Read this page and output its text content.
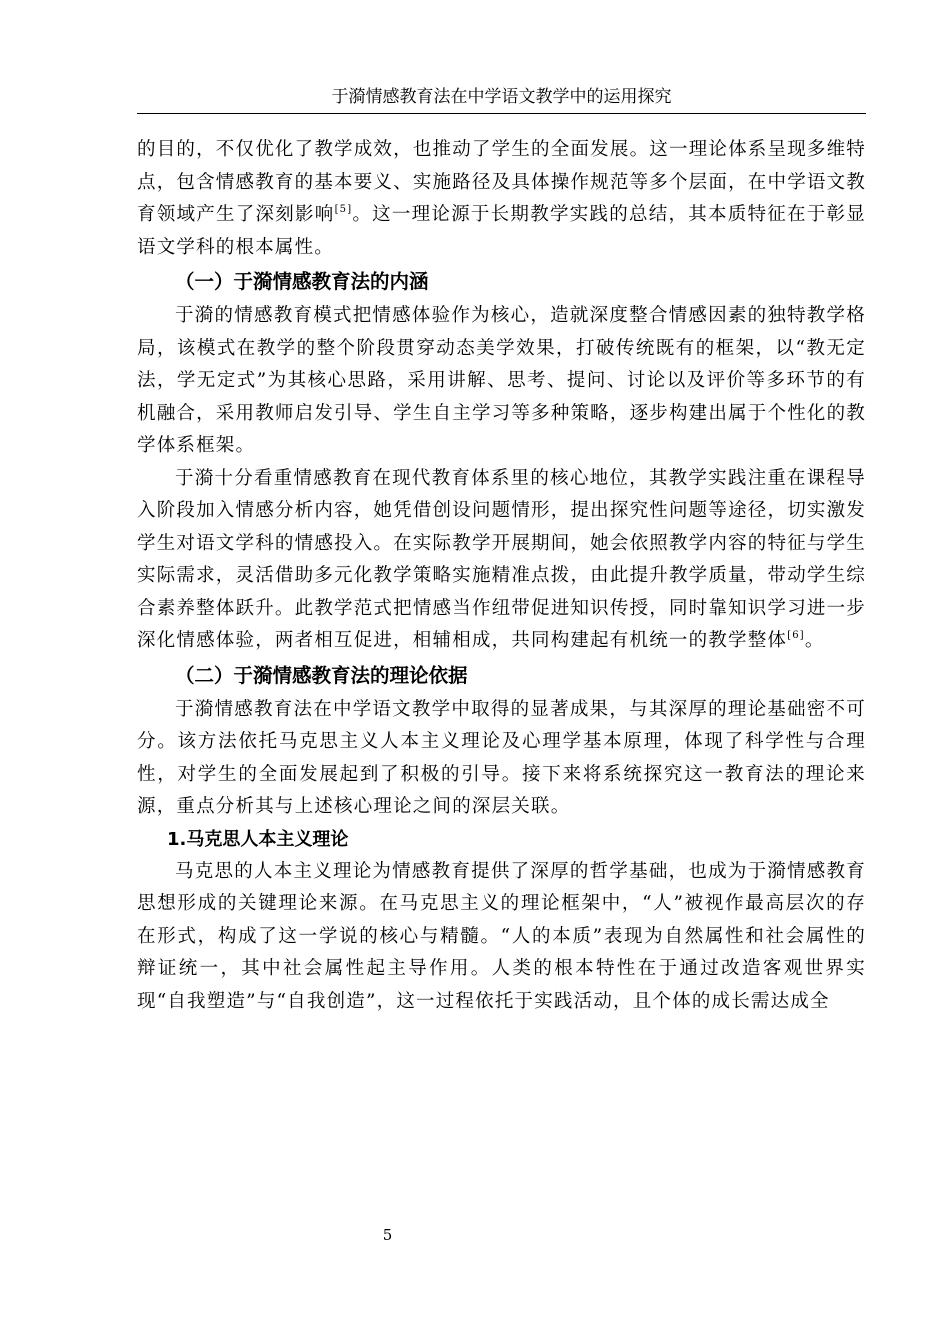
于漪情感教育法在中学语文教学中的运用探究

的目的，不仅优化了教学成效，也推动了学生的全面发展。这一理论体系呈现多维特点，包含情感教育的基本要义、实施路径及具体操作规范等多个层面，在中学语文教育领域产生了深刻影响[5]。这一理论源于长期教学实践的总结，其本质特征在于彰显语文学科的根本属性。

（一）于漪情感教育法的内涵

于漪的情感教育模式把情感体验作为核心，造就深度整合情感因素的独特教学格局，该模式在教学的整个阶段贯穿动态美学效果，打破传统既有的框架，以“教无定法，学无定式”为其核心思路，采用讲解、思考、提问、讨论以及评价等多环节的有机融合，采用教师启发引导、学生自主学习等多种策略，逐步构建出属于个性化的教学体系框架。

于漪十分看重情感教育在现代教育体系里的核心地位，其教学实践注重在课程导入阶段加入情感分析内容，她凭借创设问题情形，提出探究性问题等途径，切实激发学生对语文学科的情感投入。在实际教学开展期间，她会依照教学内容的特征与学生实际需求，灵活借助多元化教学策略实施精准点拨，由此提升教学质量，带动学生综合素养整体跃升。此教学范式把情感当作纽带促进知识传授，同时靠知识学习进一步深化情感体验，两者相互促进，相辅相成，共同构建起有机统一的教学整体[6]。

（二）于漪情感教育法的理论依据

于漪情感教育法在中学语文教学中取得的显著成果，与其深厚的理论基础密不可分。该方法依托马克思主义人本主义理论及心理学基本原理，体现了科学性与合理性，对学生的全面发展起到了积极的引导。接下来将系统探究这一教育法的理论来源，重点分析其与上述核心理论之间的深层关联。

1.马克思人本主义理论

马克思的人本主义理论为情感教育提供了深厚的哲学基础，也成为于漪情感教育思想形成的关键理论来源。在马克思主义的理论框架中，“人”被视作最高层次的存在形式，构成了这一学说的核心与精髓。“人的本质”表现为自然属性和社会属性的辩证统一，其中社会属性起主导作用。人类的根本特性在于通过改造客观世界实现“自我塑造”与“自我创造”，这一过程依托于实践活动，且个体的成长需达成全

5
